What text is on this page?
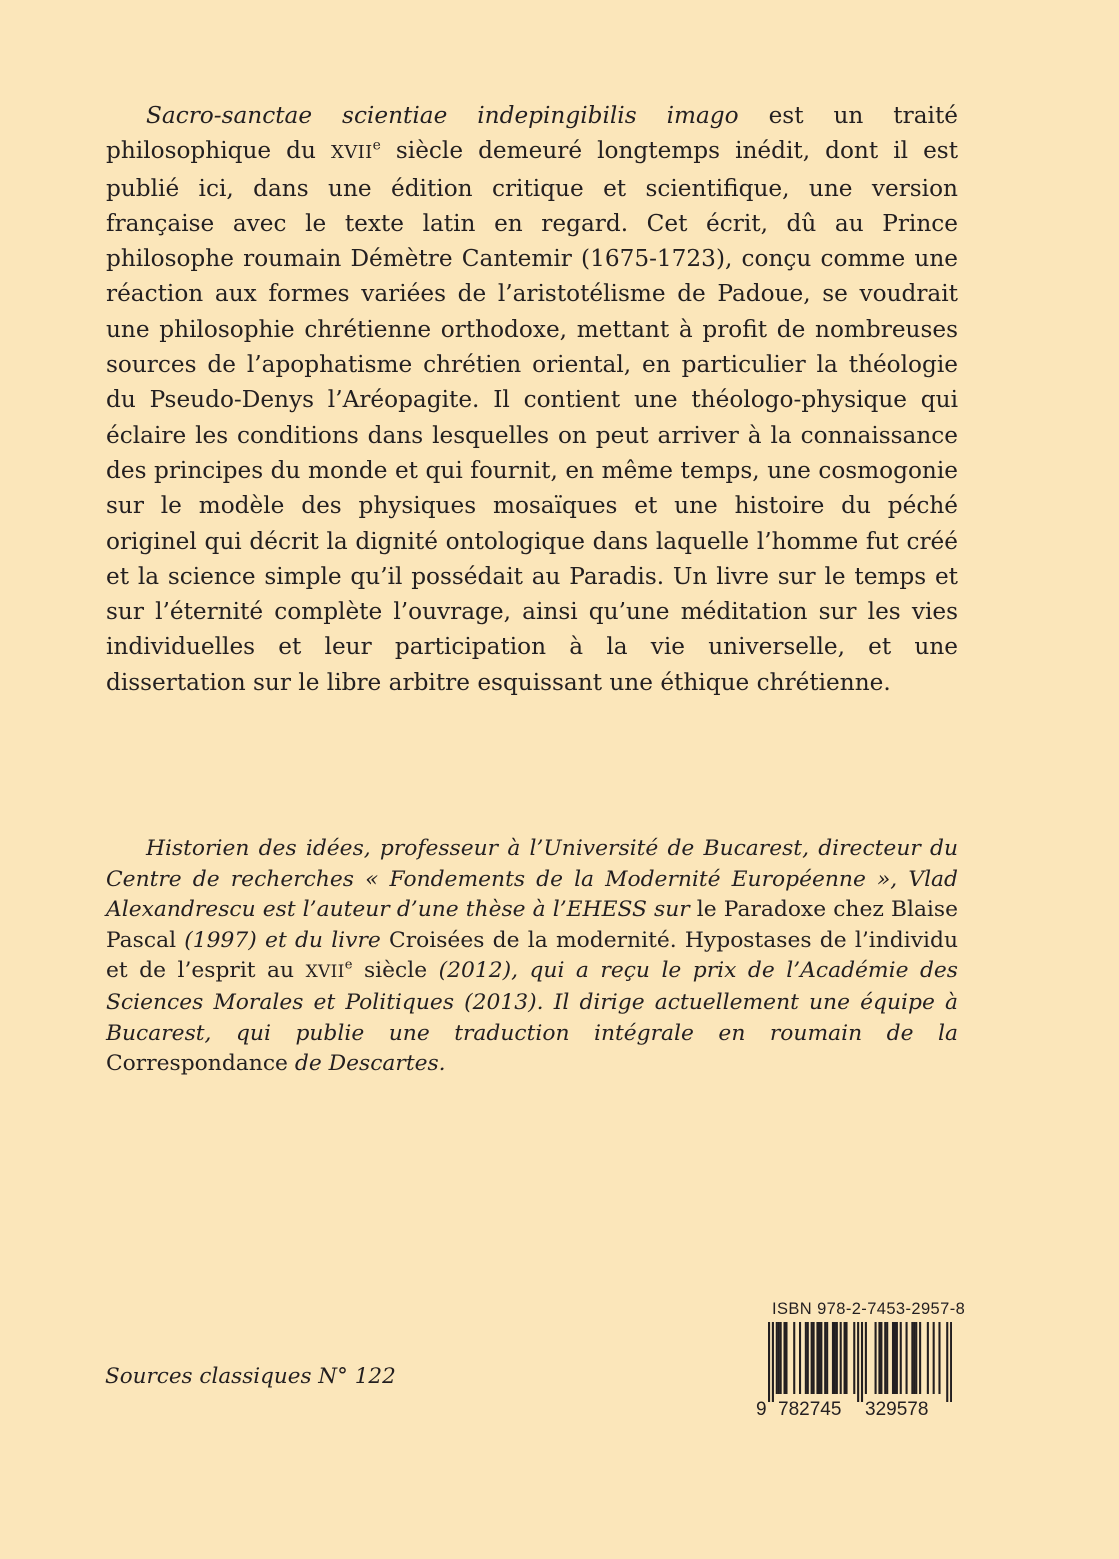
Sacro-sanctae scientiae indepingibilis imago est un traité philosophique du XVIIe siècle demeuré longtemps inédit, dont il est publié ici, dans une édition critique et scientifique, une version française avec le texte latin en regard. Cet écrit, dû au Prince philosophe roumain Démètre Cantemir (1675-1723), conçu comme une réaction aux formes variées de l’aristotélisme de Padoue, se voudrait une philosophie chrétienne orthodoxe, mettant à profit de nombreuses sources de l’apophatisme chrétien oriental, en particulier la théologie du Pseudo-Denys l’Aréopagite. Il contient une théologo-physique qui éclaire les conditions dans lesquelles on peut arriver à la connaissance des principes du monde et qui fournit, en même temps, une cosmogonie sur le modèle des physiques mosaïques et une histoire du péché originel qui décrit la dignité ontologique dans laquelle l’homme fut créé et la science simple qu’il possédait au Paradis. Un livre sur le temps et sur l’éternité complète l’ouvrage, ainsi qu’une méditation sur les vies individuelles et leur participation à la vie universelle, et une dissertation sur le libre arbitre esquissant une éthique chrétienne.

Historien des idées, professeur à l’Université de Bucarest, directeur du Centre de recherches « Fondements de la Modernité Européenne », Vlad Alexandrescu est l’auteur d’une thèse à l’EHESS sur le Paradoxe chez Blaise Pascal (1997) et du livre Croisées de la modernité. Hypostases de l’individu et de l’esprit au XVIIe siècle (2012), qui a reçu le prix de l’Académie des Sciences Morales et Politiques (2013). Il dirige actuellement une équipe à Bucarest, qui publie une traduction intégrale en roumain de la Correspondance de Descartes.

Sources classiques N° 122
ISBN 978-2-7453-2957-8
9 782745 329578
